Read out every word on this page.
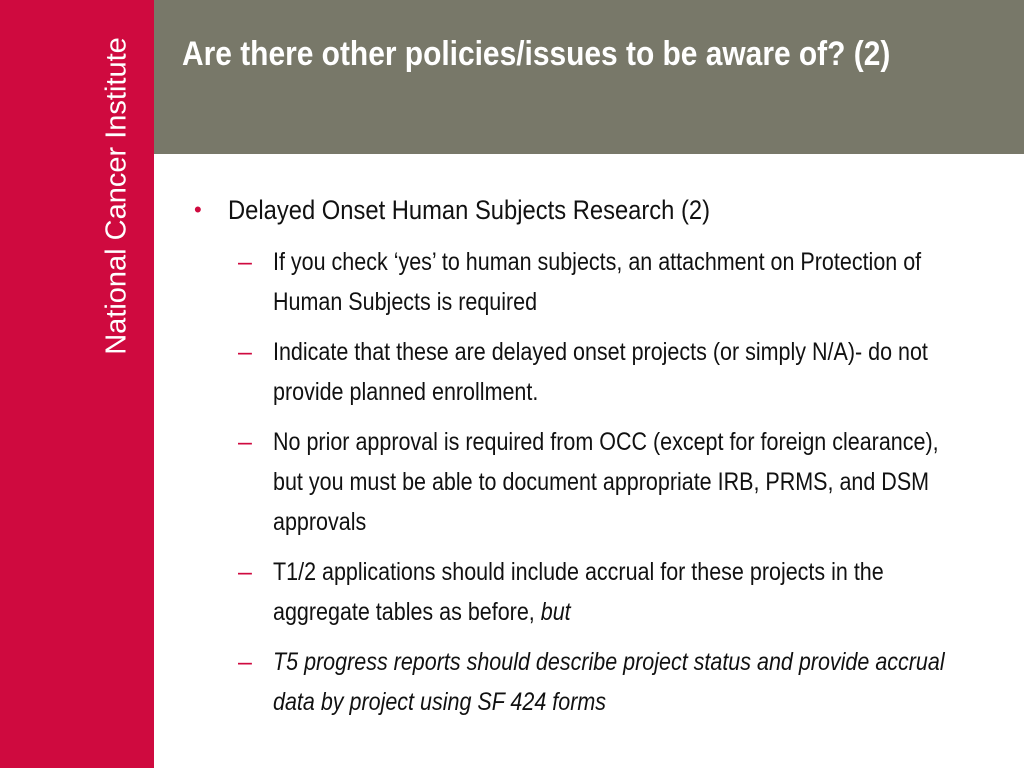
National Cancer Institute Are there other policies/issues to be aware of? (2)
• Delayed Onset Human Subjects Research (2)
– If you check ‘yes’ to human subjects, an attachment on Protection of Human Subjects is required
– Indicate that these are delayed onset projects (or simply N/A)- do not provide planned enrollment.
– No prior approval is required from OCC (except for foreign clearance), but you must be able to document appropriate IRB, PRMS, and DSM approvals
– T1/2 applications should include accrual for these projects in the aggregate tables as before, but
– T5 progress reports should describe project status and provide accrual data by project using SF 424 forms
